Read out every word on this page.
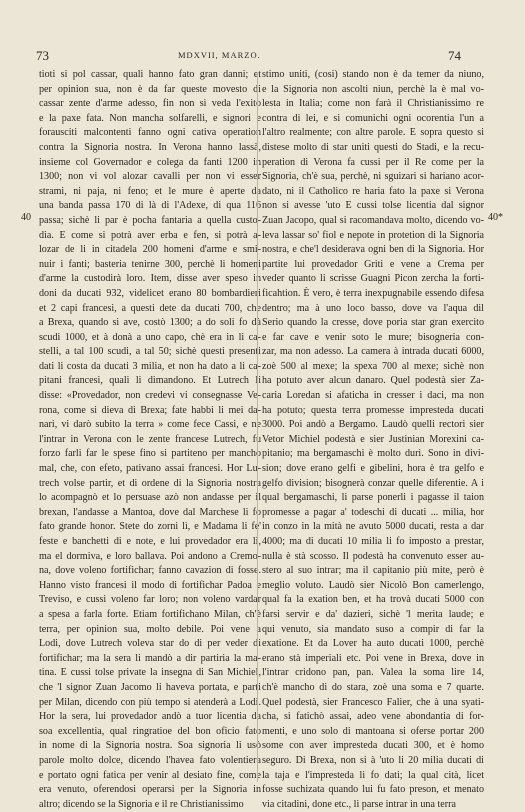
73	MDXVII, MARZO.	74
40	40*
tioti si pol cassar, quali hanno fato gran danni; et
per opinion sua, non è da far queste movesto di
cassar zente d'arme adesso, fin non si veda l'exito
e la paxe fata. Non mancha solfarelli, e signori e
forausciti malcontenti fanno ogni cativa operation
contra la Signoria nostra. In Verona hanno lassà,
insieme col Governador e colega da fanti 1200 in
1300; non vi vol alozar cavalli per non vi esser
strami, ni paja, ni feno; et le mure è aperte da
una banda passa 170 di là di l'Adexe, di qua 116
passa; sichè li par è pocha fantaria a quella custo-
dia. E come si potrà aver erba e fen, si potrà a-
lozar de li in citadela 200 homeni d'arme e smi-
nuir i fanti; basteria tenirne 300, perchè li homeni
d'arme la custodirà loro. Item, disse aver speso in
doni da ducati 932, videlicet erano 80 bombardieri
et 2 capi francesi, a questi dete da ducati 700, che
a Brexa, quando si ave, costò 1300; a do soli fo dà
scudi 1000, et à donà a uno capo, chè era in li ca-
stelli, a tal 100 scudi, a tal 50; sichè questi presenti
dati li costa da ducati 3 milia, et non ha dato a li ca-
pitani francesi, quali li dimandono. Et Lutrech li
disse: «Provedador, non credevi vi consegnasse Ve-
rona, come si dieva di Brexa; fate habbi li mei da-
nari, vi darò subito la terra » come fece Cassi, e ne
l'intrar in Verona con le zente francese Lutrech, fu
forzo farli far le spese fino si partiteno per mancho
mal, che, con efeto, pativano assai francesi. Hor Lu-
trech volse partir, et di ordene di la Signoria nostra
lo acompagnò et lo persuase azò non andasse per il
brexan, l'andasse a Mantoa, dove dal Marchese li fo
fato grande honor. Stete do zorni lì, e Madama li fe'
feste e banchetti di e note, e lui provedador era lì,
ma el dormiva, e loro ballava. Poi andono a Cremo-
na, dove voleno fortifichar; fanno cavazion di fosse.
Hanno visto francesi il modo di fortifichar Padoa e
Treviso, e cussi voleno far loro; non voleno vardar
a spesa a farla forte. Etiam fortifichano Milan, ch'è
terra, per opinion sua, molto debile. Poi vene a
Lodi, dove Lutrech voleva star do di per veder di
fortifichar; ma la sera li mandò a dir partiria la ma-
tina. E cussi tolse private la insegna di San Michiel,
che 'l signor Zuan Jacomo li haveva portata, e parti
per Milan, dicendo con più tempo si atenderà a Lodi.
Hor la sera, lui provedador andò a tuor licentia da
soa excellentia, qual ringratioe del bon oficio fato
in nome di la Signoria nostra. Soa signoria li usò
parole molto dolce, dicendo l'havea fato volentiera
e portato ogni fatica per venir al desiato fine, come
era venuto, oferendosi operarsi per la Signoria in
altro; dicendo se la Signoria e il re Christianissimo
stimo uniti, (cosi) stando non è da temer da niuno,
e la Signoria non ascolti niun, perchè la è mal vo-
lesta in Italia; come non farà il Christianissimo re
contra di lei, e si comunichi ogni ocorentia l'un a
l'altro realmente; con altre parole. E sopra questo si
distese molto di star uniti questi do Stadi, e la recu-
peration di Verona fa cussi per il Re come per la
Signoria, ch'è sua, perchè, ni sguizari si hariano acor-
dato, ni il Catholico re haria fato la paxe si Verona
non si avesse 'uto E cussi tolse licentia dal signor
Zuan Jacopo, qual si racomandava molto, dicendo vo-
leva lassar so' fiol e nepote in protetion di la Signoria
nostra, e che'l desiderava ogni ben di la Signoria. Hor
partite lui provedador Griti e vene a Crema per
veder quanto li scrisse Guagni Picon zercha la forti-
ficahtion. È vero, è terra inexpugnabile essendo difesa
dentro; ma à uno loco basso, dove va l'aqua dil
Serio quando la cresse, dove poria star gran exercito
e far cave e venir soto le mure; bisogneria con-
zar, ma non adesso. La camera à intrada ducati 6000,
zoè 500 al mexe; la spexa 700 al mexe; sichè non
ha potuto aver alcun danaro. Quel podestà sier Za-
caria Loredan si afaticha in cresser i daci, ma non
ha potuto; questa terra promesse impresteda ducati
3000. Poi andò a Bergamo. Laudò quelli rectori sier
Vetor Michiel podestà e sier Justinian Morexini ca-
pitanio; ma bergamaschi è molto duri. Sono in divi-
sion; dove erano gelfi e gibelini, hora è tra gelfo e
gelfo division; bisognerà conzar quelle diferentie. A i
qual bergamaschi, li parse ponerli i pagasse il taion
promesse a pagar a' todeschi di ducati ... milia, hor
in conzo in la mità ne avuto 5000 ducati, resta a dar
4000; ma di ducati 10 milia li fo imposto a prestar,
nulla è stà scosso. Il podestà ha convenuto esser au-
stero al suo intrar; ma il capitanio più mite, però è
meglio voluto. Laudò sier Nicolò Bon camerlengo,
qual fa la exation ben, et ha trovà ducati 5000 con
farsi servir e da' dazieri, sichè 'l merita laude; e
qui venuto, sia mandato suso a compir di far la
exatione. Et da Lover ha auto ducati 1000, perchè
erano stà imperiali etc. Poi vene in Brexa, dove in
l'intrar cridono pan, pan. Valea la soma lire 14,
ch'è mancho di do stara, zoè una soma e 7 quarte.
Quel podestà, sier Francesco Falier, che à una syati-
cha, si fatichò assai, adeo vene abondantia di for-
menti, e uno solo di mantoana si oferse portar 200
some con aver impresteda ducati 300, et è homo
seguro. Di Brexa, non si à 'uto li 20 milia ducati di
la taja e l'impresteda li fo dati; la qual cità, licet
fosse suchizata quando lui fu fato preson, et menato
via citadini, done etc., li parse intrar in una terra
